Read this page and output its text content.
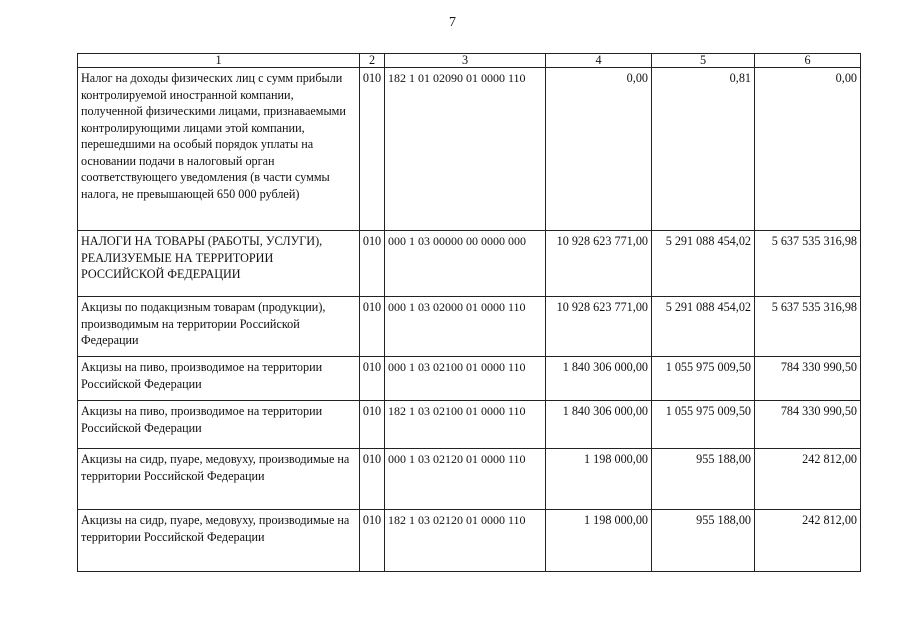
7
1	2	3	4	5	6
Налог на доходы физических лиц с сумм прибыли контролируемой иностранной компании, полученной физическими лицами, признаваемыми контролирующими лицами этой компании, перешедшими на особый порядок уплаты на основании подачи в налоговый орган соответствующего уведомления (в части суммы налога, не превышающей 650 000 рублей)	010	182 1 01 02090 01 0000 110	0,00	0,81	0,00
НАЛОГИ НА ТОВАРЫ (РАБОТЫ, УСЛУГИ), РЕАЛИЗУЕМЫЕ НА ТЕРРИТОРИИ РОССИЙСКОЙ ФЕДЕРАЦИИ	010	000 1 03 00000 00 0000 000	10 928 623 771,00	5 291 088 454,02	5 637 535 316,98
Акцизы по подакцизным товарам (продукции), производимым на территории Российской Федерации	010	000 1 03 02000 01 0000 110	10 928 623 771,00	5 291 088 454,02	5 637 535 316,98
Акцизы на пиво, производимое на территории Российской Федерации	010	000 1 03 02100 01 0000 110	1 840 306 000,00	1 055 975 009,50	784 330 990,50
Акцизы на пиво, производимое на территории Российской Федерации	010	182 1 03 02100 01 0000 110	1 840 306 000,00	1 055 975 009,50	784 330 990,50
Акцизы на сидр, пуаре, медовуху, производимые на территории Российской Федерации	010	000 1 03 02120 01 0000 110	1 198 000,00	955 188,00	242 812,00
Акцизы на сидр, пуаре, медовуху, производимые на территории Российской Федерации	010	182 1 03 02120 01 0000 110	1 198 000,00	955 188,00	242 812,00
